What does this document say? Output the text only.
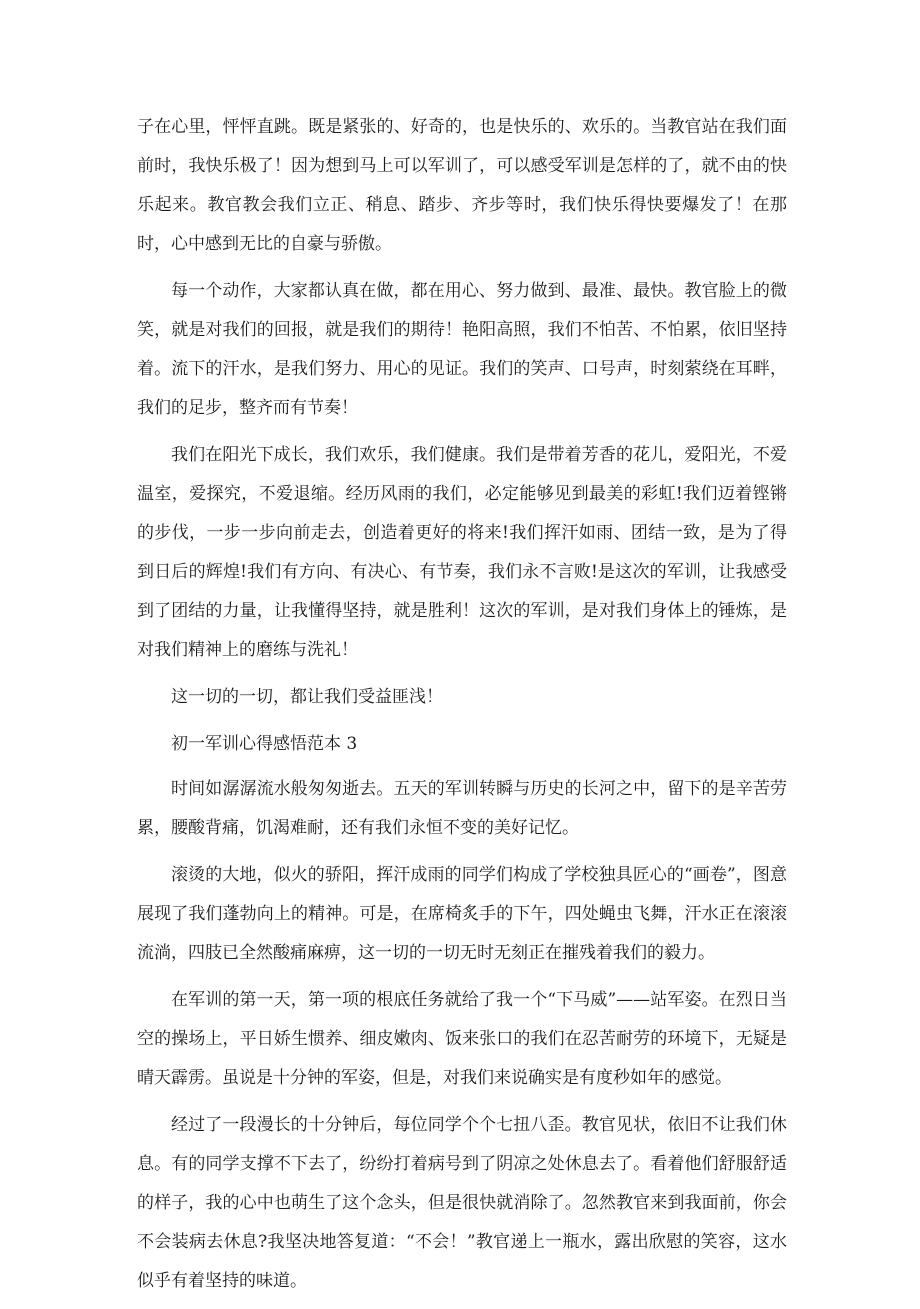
子在心里，怦怦直跳。既是紧张的、好奇的，也是快乐的、欢乐的。当教官站在我们面前时，我快乐极了！因为想到马上可以军训了，可以感受军训是怎样的了，就不由的快乐起来。教官教会我们立正、稍息、踏步、齐步等时，我们快乐得快要爆发了！在那时，心中感到无比的自豪与骄傲。

每一个动作，大家都认真在做，都在用心、努力做到、最准、最快。教官脸上的微笑，就是对我们的回报，就是我们的期待！艳阳高照，我们不怕苦、不怕累，依旧坚持着。流下的汗水，是我们努力、用心的见证。我们的笑声、口号声，时刻萦绕在耳畔，我们的足步，整齐而有节奏！

我们在阳光下成长，我们欢乐，我们健康。我们是带着芳香的花儿，爱阳光，不爱温室，爱探究，不爱退缩。经历风雨的我们，必定能够见到最美的彩虹!我们迈着铿锵的步伐，一步一步向前走去，创造着更好的将来!我们挥汗如雨、团结一致，是为了得到日后的辉煌!我们有方向、有决心、有节奏，我们永不言败!是这次的军训，让我感受到了团结的力量，让我懂得坚持，就是胜利！这次的军训，是对我们身体上的锤炼，是对我们精神上的磨练与洗礼！

这一切的一切，都让我们受益匪浅！

初一军训心得感悟范本 3

时间如潺潺流水般匆匆逝去。五天的军训转瞬与历史的长河之中，留下的是辛苦劳累，腰酸背痛，饥渴难耐，还有我们永恒不变的美好记忆。

滚烫的大地，似火的骄阳，挥汗成雨的同学们构成了学校独具匠心的“画卷”，图意展现了我们蓬勃向上的精神。可是，在席椅炙手的下午，四处蝇虫飞舞，汗水正在滚滚流淌，四肢已全然酸痛麻痹，这一切的一切无时无刻正在摧残着我们的毅力。

在军训的第一天，第一项的根底任务就给了我一个“下马威”——站军姿。在烈日当空的操场上，平日娇生惯养、细皮嫩肉、饭来张口的我们在忍苦耐劳的环境下，无疑是晴天霹雳。虽说是十分钟的军姿，但是，对我们来说确实是有度秒如年的感觉。

经过了一段漫长的十分钟后，每位同学个个七扭八歪。教官见状，依旧不让我们休息。有的同学支撑不下去了，纷纷打着病号到了阴凉之处休息去了。看着他们舒服舒适的样子，我的心中也萌生了这个念头，但是很快就消除了。忽然教官来到我面前，你会不会装病去休息?我坚决地答复道：“不会！”教官递上一瓶水，露出欣慰的笑容，这水似乎有着坚持的味道。
